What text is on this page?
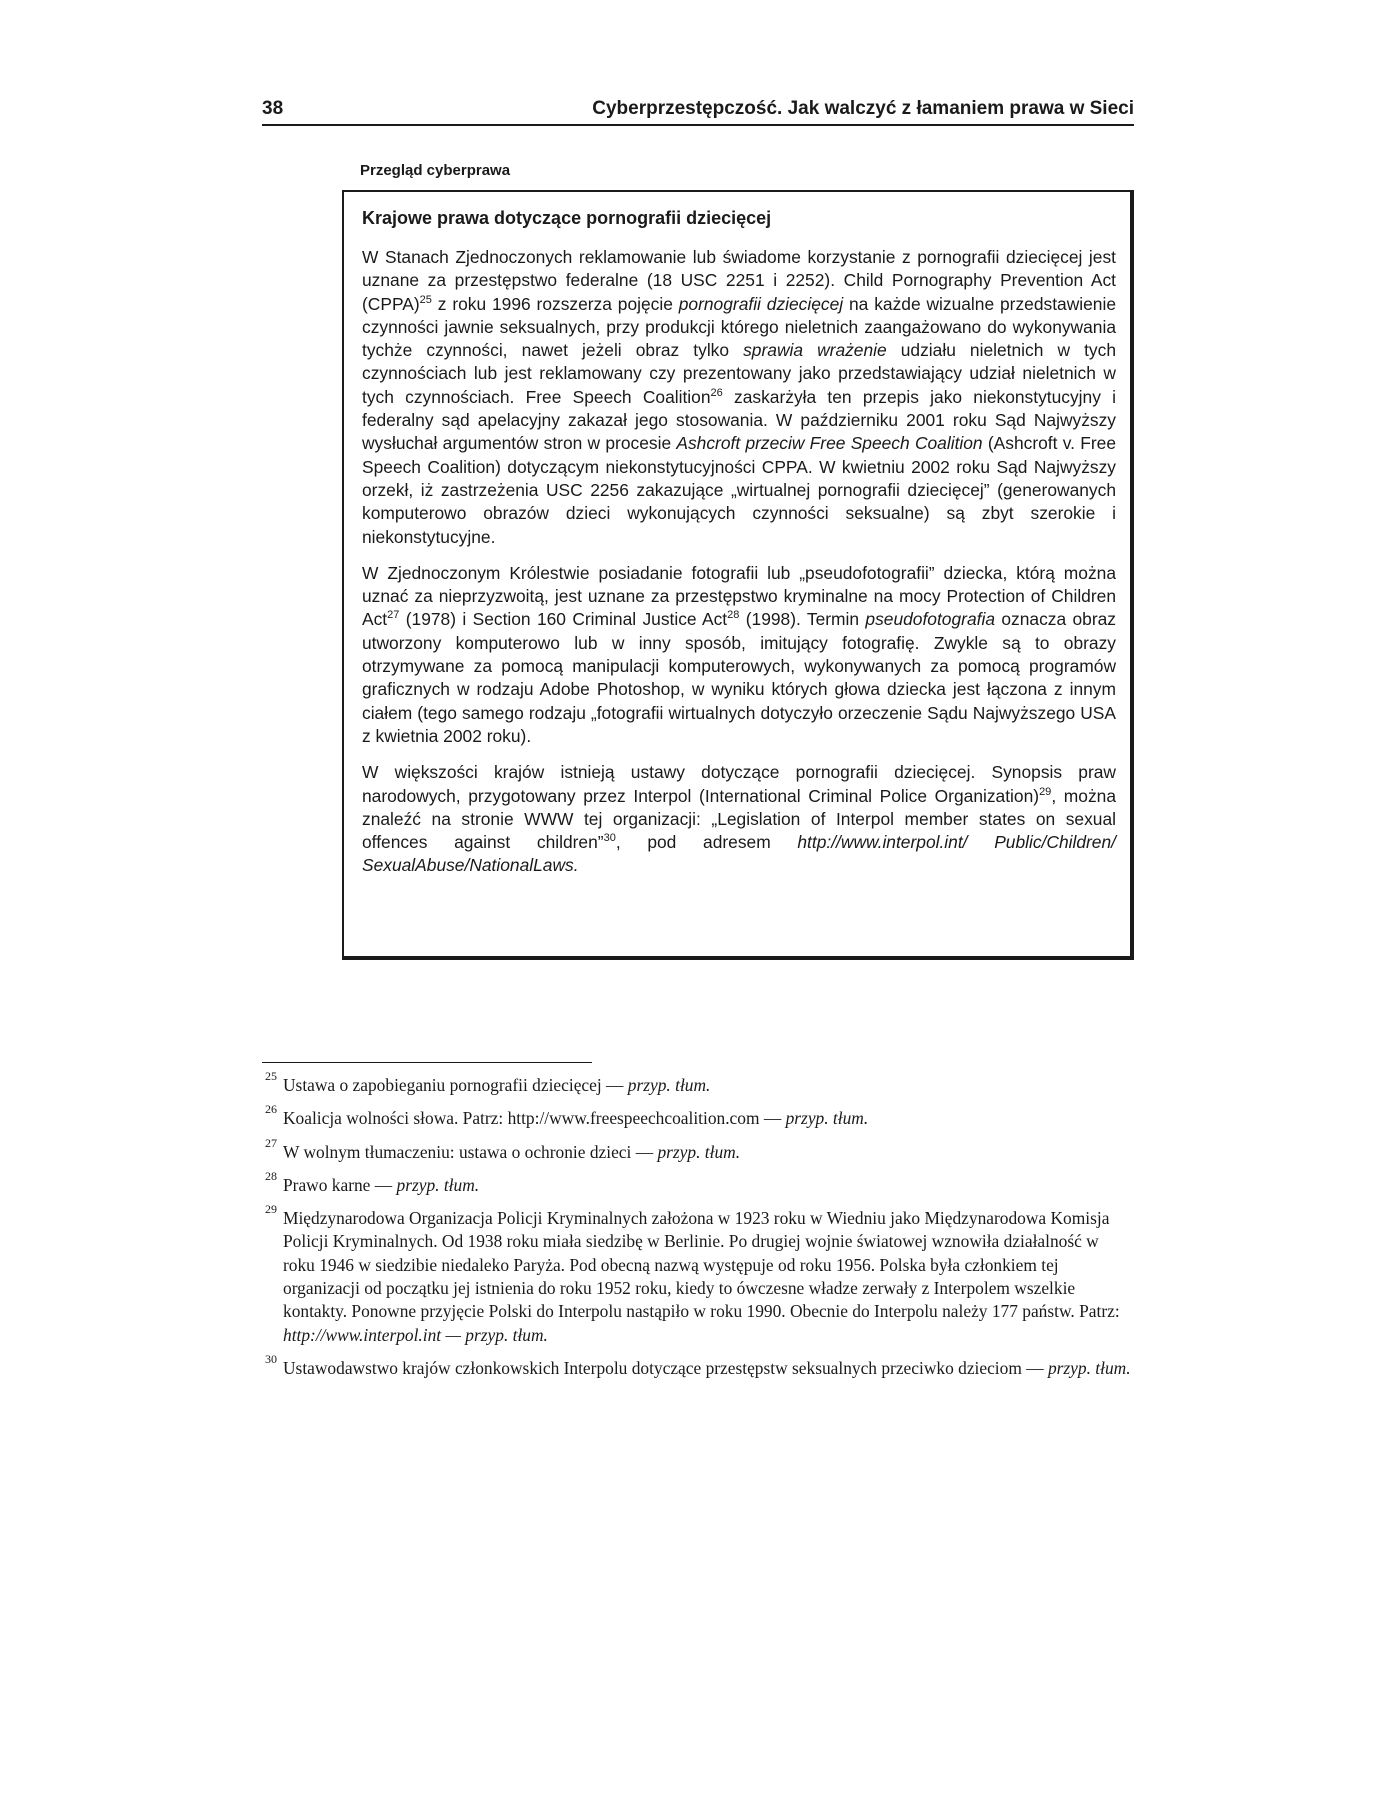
38	Cyberprzestępczość. Jak walczyć z łamaniem prawa w Sieci
Przegląd cyberprawa
Krajowe prawa dotyczące pornografii dziecięcej

W Stanach Zjednoczonych reklamowanie lub świadome korzystanie z pornografii dziecięcej jest uznane za przestępstwo federalne (18 USC 2251 i 2252). Child Pornography Prevention Act (CPPA)$^{25}$ z roku 1996 rozszerza pojęcie pornografii dziecięcej na każde wizualne przedstawienie czynności jawnie seksualnych, przy produkcji którego nieletnich zaangażowano do wykonywania tychże czynności, nawet jeżeli obraz tylko sprawia wrażenie udziału nieletnich w tych czynnościach lub jest reklamowany czy prezentowany jako przedstawiający udział nieletnich w tych czynnościach. Free Speech Coalition$^{26}$ zaskarżyła ten przepis jako niekonstytucyjny i federalny sąd apelacyjny zakazał jego stosowania. W październiku 2001 roku Sąd Najwyższy wysłuchał argumentów stron w procesie Ashcroft przeciw Free Speech Coalition (Ashcroft v. Free Speech Coalition) dotyczącym niekonstytucyjności CPPA. W kwietniu 2002 roku Sąd Najwyższy orzekł, iż zastrzeżenia USC 2256 zakazujące „wirtualnej pornografii dziecięcej” (generowanych komputerowo obrazów dzieci wykonujących czynności seksualne) są zbyt szerokie i niekonstytucyjne.

W Zjednoczonym Królestwie posiadanie fotografii lub „pseudofotografii” dziecka, którą można uznać za nieprzyzwoitą, jest uznane za przestępstwo kryminalne na mocy Protection of Children Act$^{27}$ (1978) i Section 160 Criminal Justice Act$^{28}$ (1998). Termin pseudofotografia oznacza obraz utworzony komputerowo lub w inny sposób, imitujący fotografię. Zwykle są to obrazy otrzymywane za pomocą manipulacji komputerowych, wykonywanych za pomocą programów graficznych w rodzaju Adobe Photoshop, w wyniku których głowa dziecka jest łączona z innym ciałem (tego samego rodzaju „fotografii wirtualnych dotyczyło orzeczenie Sądu Najwyższego USA z kwietnia 2002 roku).

W większości krajów istnieją ustawy dotyczące pornografii dziecięcej. Synopsis praw narodowych, przygotowany przez Interpol (International Criminal Police Organization)$^{29}$, można znaleźć na stronie WWW tej organizacji: „Legislation of Interpol member states on sexual offences against children”$^{30}$, pod adresem http://www.interpol.int/ Public/Children/ SexualAbuse/NationalLaws.

25 Ustawa o zapobieganiu pornografii dziecięcej — przyp. tłum.
26 Koalicja wolności słowa. Patrz: http://www.freespeechcoalition.com — przyp. tłum.
27 W wolnym tłumaczeniu: ustawa o ochronie dzieci — przyp. tłum.
28 Prawo karne — przyp. tłum.
29 Międzynarodowa Organizacja Policji Kryminalnych założona w 1923 roku w Wiedniu jako Międzynarodowa Komisja Policji Kryminalnych. Od 1938 roku miała siedzibę w Berlinie. Po drugiej wojnie światowej wznowiła działalność w roku 1946 w siedzibie niedaleko Paryża. Pod obecną nazwą występuje od roku 1956. Polska była członkiem tej organizacji od początku jej istnienia do roku 1952 roku, kiedy to ówczesne władze zerwały z Interpolem wszelkie kontakty. Ponowne przyjęcie Polski do Interpolu nastąpiło w roku 1990. Obecnie do Interpolu należy 177 państw. Patrz: http://www.interpol.int — przyp. tłum.
30 Ustawodawstwo krajów członkowskich Interpolu dotyczące przestępstw seksualnych przeciwko dzieciom — przyp. tłum.
